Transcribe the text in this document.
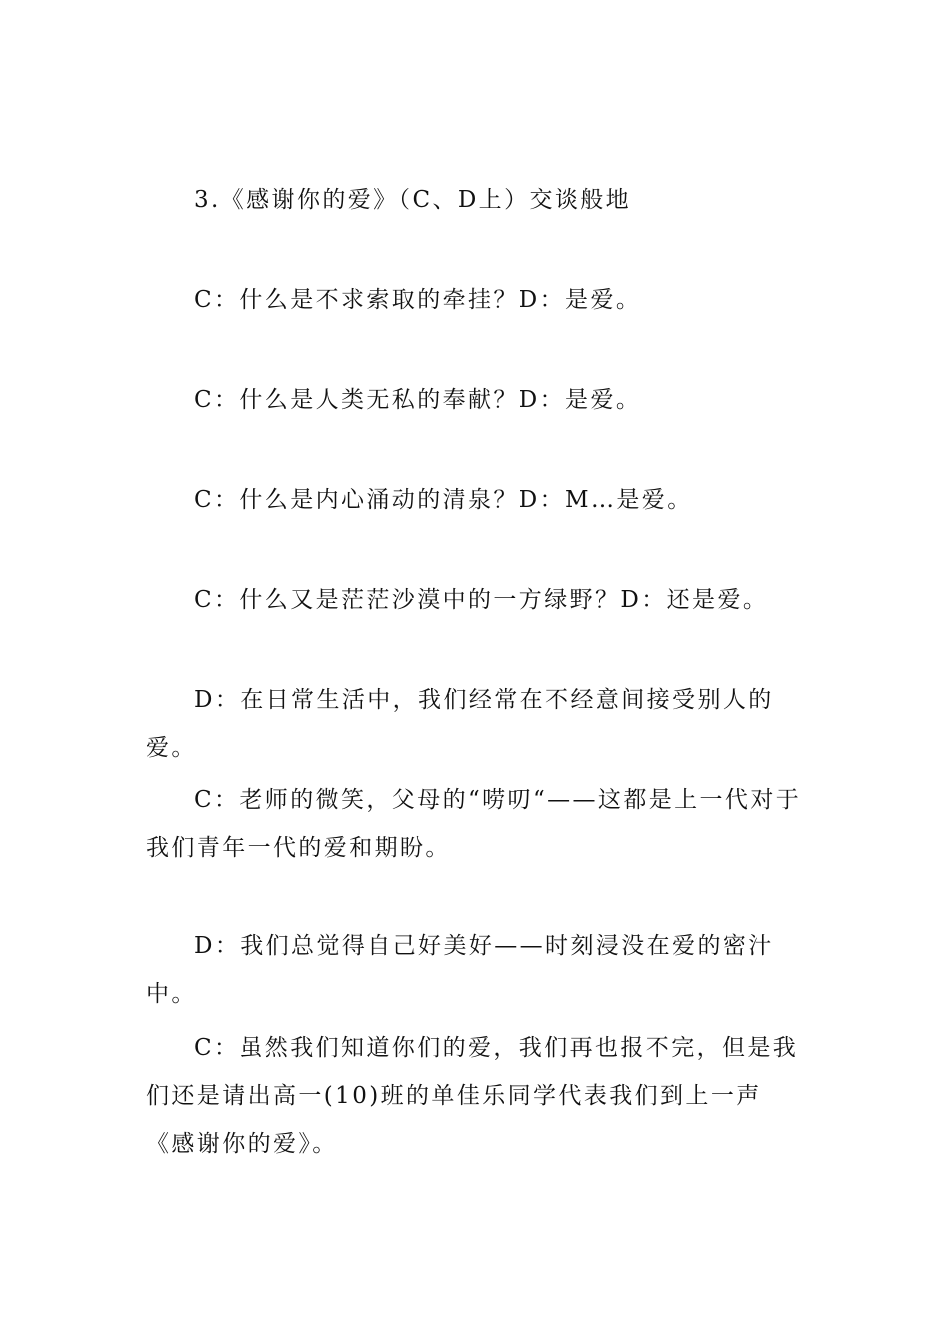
3.《感谢你的爱》（C、D上）交谈般地

C：什么是不求索取的牵挂？D：是爱。

C：什么是人类无私的奉献？D：是爱。

C：什么是内心涌动的清泉？D：M…是爱。

C：什么又是茫茫沙漠中的一方绿野？D：还是爱。

D：在日常生活中，我们经常在不经意间接受别人的爱。

C：老师的微笑，父母的“唠叨“——这都是上一代对于我们青年一代的爱和期盼。

D：我们总觉得自己好美好——时刻浸没在爱的密汁中。

C：虽然我们知道你们的爱，我们再也报不完，但是我们还是请出高一(10)班的单佳乐同学代表我们到上一声《感谢你的爱》。
